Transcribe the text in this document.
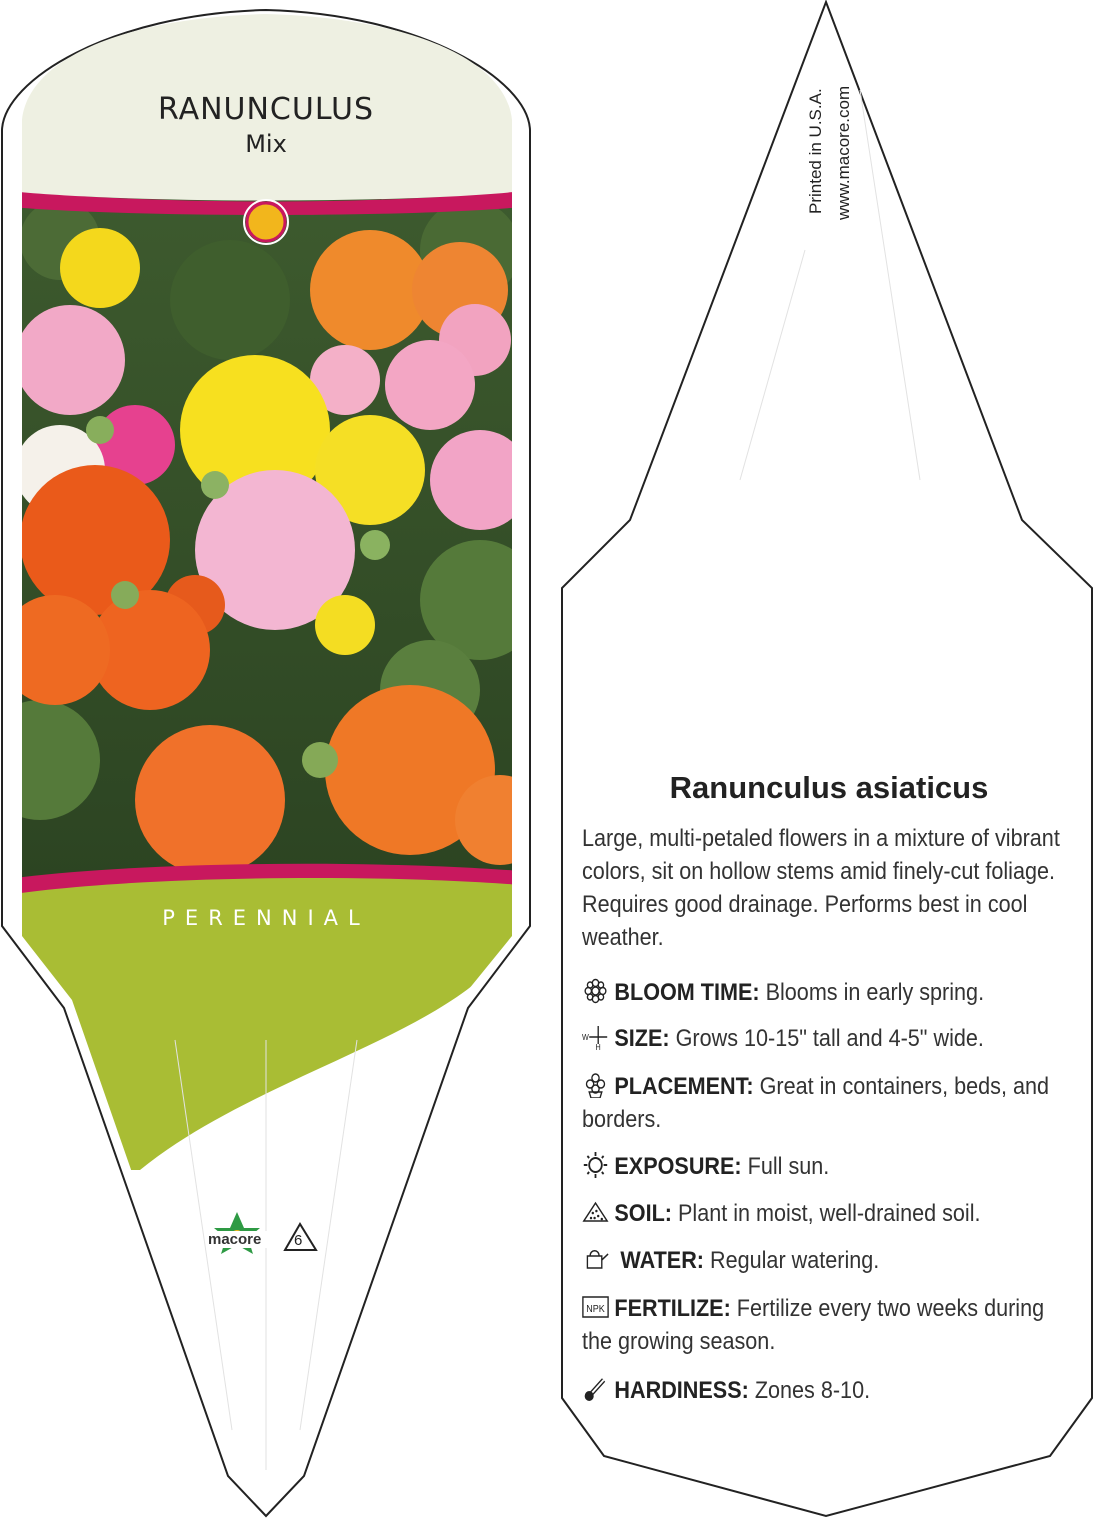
RANUNCULUS
Mix
PERENNIAL
macore 6
Printed in U.S.A. www.macore.com
Ranunculus asiaticus
Large, multi-petaled flowers in a mixture of vibrant colors, sit on hollow stems amid finely-cut foliage. Requires good drainage. Performs best in cool weather.
BLOOM TIME: Blooms in early spring.
W
H SIZE: Grows 10-15" tall and 4-5" wide.
PLACEMENT: Great in containers, beds, and borders.
EXPOSURE: Full sun.
SOIL: Plant in moist, well-drained soil.
WATER: Regular watering.
NPK FERTILIZE: Fertilize every two weeks during the growing season.
HARDINESS: Zones 8-10.
